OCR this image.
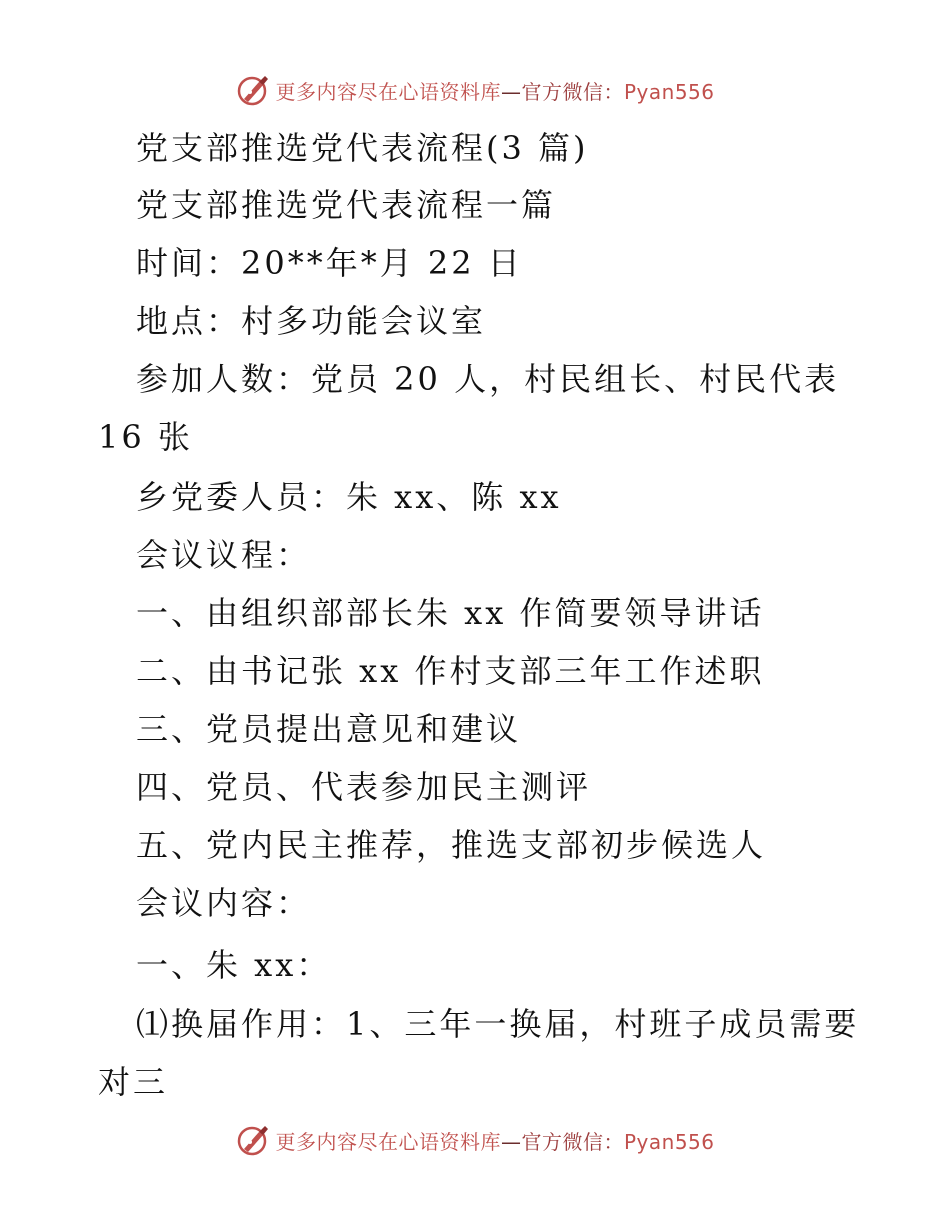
更多内容尽在心语资料库—官方微信：Pyan556
党支部推选党代表流程(3 篇)
党支部推选党代表流程一篇
时间：20**年*月 22 日
地点：村多功能会议室
参加人数：党员 20 人，村民组长、村民代表
16 张
乡党委人员：朱 xx、陈 xx
会议议程：
一、由组织部部长朱 xx 作简要领导讲话
二、由书记张 xx 作村支部三年工作述职
三、党员提出意见和建议
四、党员、代表参加民主测评
五、党内民主推荐，推选支部初步候选人
会议内容：
一、朱 xx：
⑴换届作用：1、三年一换届，村班子成员需要
对三
更多内容尽在心语资料库—官方微信：Pyan556
